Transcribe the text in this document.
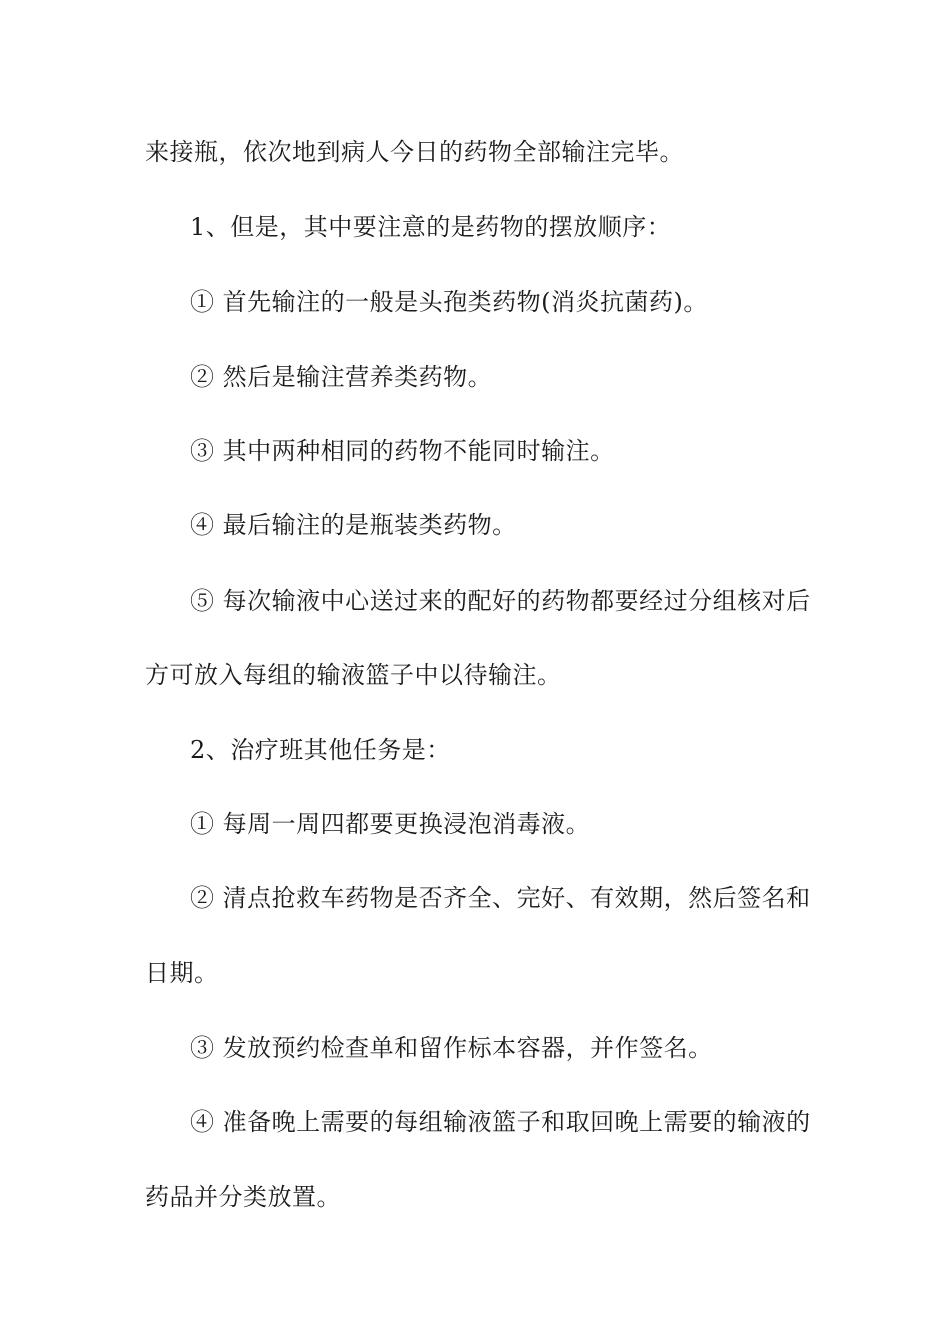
来接瓶，依次地到病人今日的药物全部输注完毕。
1、但是，其中要注意的是药物的摆放顺序：
① 首先输注的一般是头孢类药物(消炎抗菌药)。
② 然后是输注营养类药物。
③ 其中两种相同的药物不能同时输注。
④ 最后输注的是瓶装类药物。
⑤ 每次输液中心送过来的配好的药物都要经过分组核对后
方可放入每组的输液篮子中以待输注。
2、治疗班其他任务是：
① 每周一周四都要更换浸泡消毒液。
② 清点抢救车药物是否齐全、完好、有效期，然后签名和
日期。
③ 发放预约检查单和留作标本容器，并作签名。
④ 准备晚上需要的每组输液篮子和取回晚上需要的输液的
药品并分类放置。
